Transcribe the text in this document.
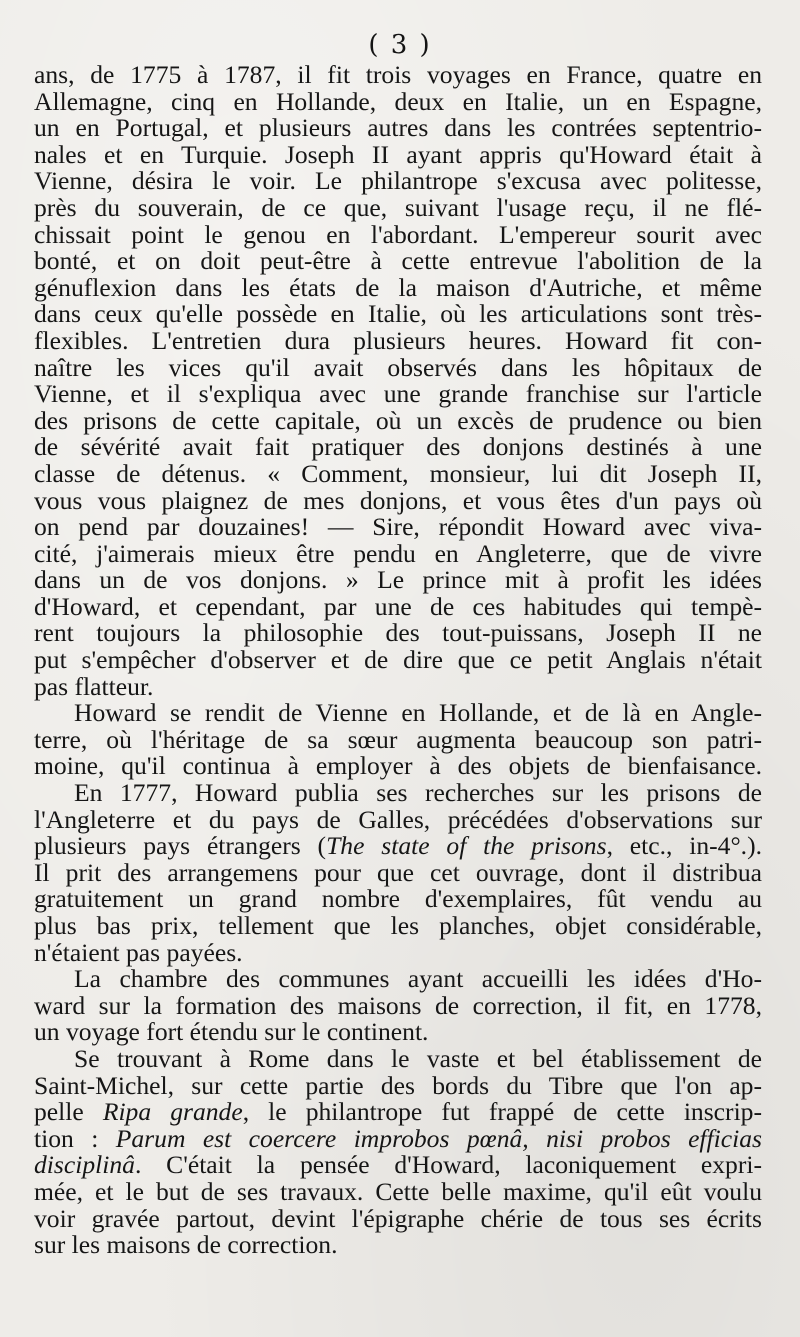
( 3 )
ans, de 1775 à 1787, il fit trois voyages en France, quatre en
Allemagne, cinq en Hollande, deux en Italie, un en Espagne,
un en Portugal, et plusieurs autres dans les contrées septentrio-
nales et en Turquie. Joseph II ayant appris qu'Howard était à
Vienne, désira le voir. Le philantrope s'excusa avec politesse,
près du souverain, de ce que, suivant l'usage reçu, il ne flé-
chissait point le genou en l'abordant. L'empereur sourit avec
bonté, et on doit peut-être à cette entrevue l'abolition de la
génuflexion dans les états de la maison d'Autriche, et même
dans ceux qu'elle possède en Italie, où les articulations sont très-
flexibles. L'entretien dura plusieurs heures. Howard fit con-
naître les vices qu'il avait observés dans les hôpitaux de
Vienne, et il s'expliqua avec une grande franchise sur l'article
des prisons de cette capitale, où un excès de prudence ou bien
de sévérité avait fait pratiquer des donjons destinés à une
classe de détenus. « Comment, monsieur, lui dit Joseph II,
vous vous plaignez de mes donjons, et vous êtes d'un pays où
on pend par douzaines! — Sire, répondit Howard avec viva-
cité, j'aimerais mieux être pendu en Angleterre, que de vivre
dans un de vos donjons. » Le prince mit à profit les idées
d'Howard, et cependant, par une de ces habitudes qui tempè-
rent toujours la philosophie des tout-puissans, Joseph II ne
put s'empêcher d'observer et de dire que ce petit Anglais n'était
pas flatteur.
Howard se rendit de Vienne en Hollande, et de là en Angle-
terre, où l'héritage de sa sœur augmenta beaucoup son patri-
moine, qu'il continua à employer à des objets de bienfaisance.
En 1777, Howard publia ses recherches sur les prisons de
l'Angleterre et du pays de Galles, précédées d'observations sur
plusieurs pays étrangers (The state of the prisons, etc., in-4°.).
Il prit des arrangemens pour que cet ouvrage, dont il distribua
gratuitement un grand nombre d'exemplaires, fût vendu au
plus bas prix, tellement que les planches, objet considérable,
n'étaient pas payées.
La chambre des communes ayant accueilli les idées d'Ho-
ward sur la formation des maisons de correction, il fit, en 1778,
un voyage fort étendu sur le continent.
Se trouvant à Rome dans le vaste et bel établissement de
Saint-Michel, sur cette partie des bords du Tibre que l'on ap-
pelle Ripa grande, le philantrope fut frappé de cette inscrip-
tion : Parum est coercere improbos pœnâ, nisi probos efficias
disciplinâ. C'était la pensée d'Howard, laconiquement expri-
mée, et le but de ses travaux. Cette belle maxime, qu'il eût voulu
voir gravée partout, devint l'épigraphe chérie de tous ses écrits
sur les maisons de correction.
